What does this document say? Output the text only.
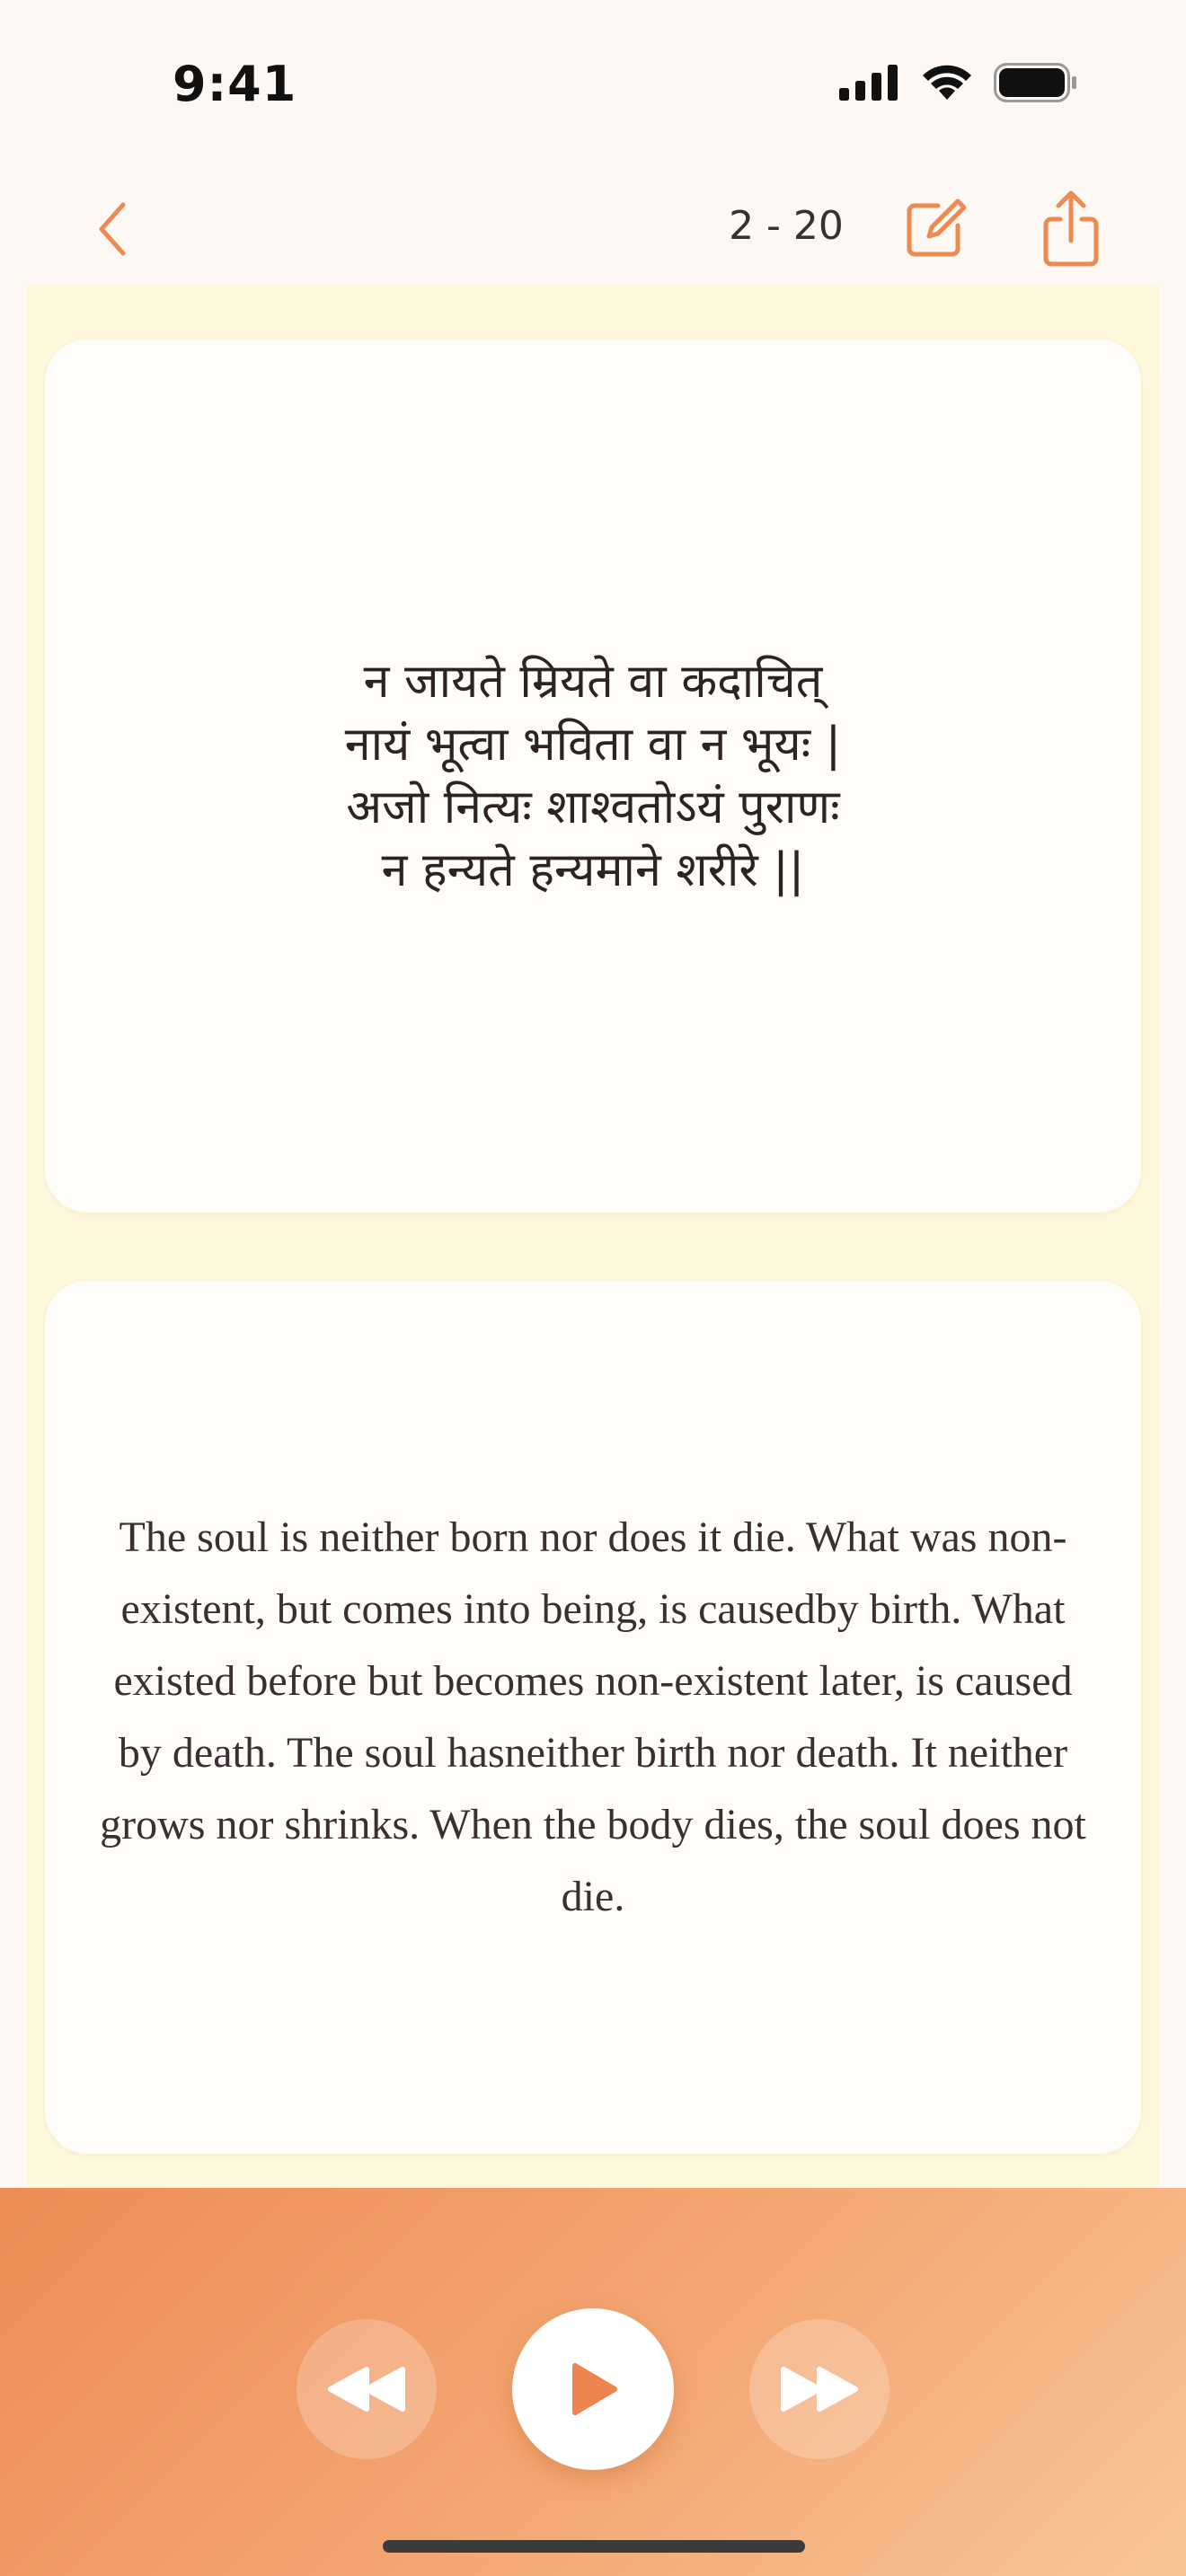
9:41
2 - 20
न जायते म्रियते वा कदाचित्
नायं भूत्वा भविता वा न भूयः |
अजो नित्यः शाश्वतोऽयं पुराणः
न हन्यते हन्यमाने शरीरे ||
The soul is neither born nor does it die. What was non-existent, but comes into being, is causedby birth. What existed before but becomes non-existent later, is caused by death. The soul hasneither birth nor death. It neither grows nor shrinks. When the body dies, the soul does not die.
